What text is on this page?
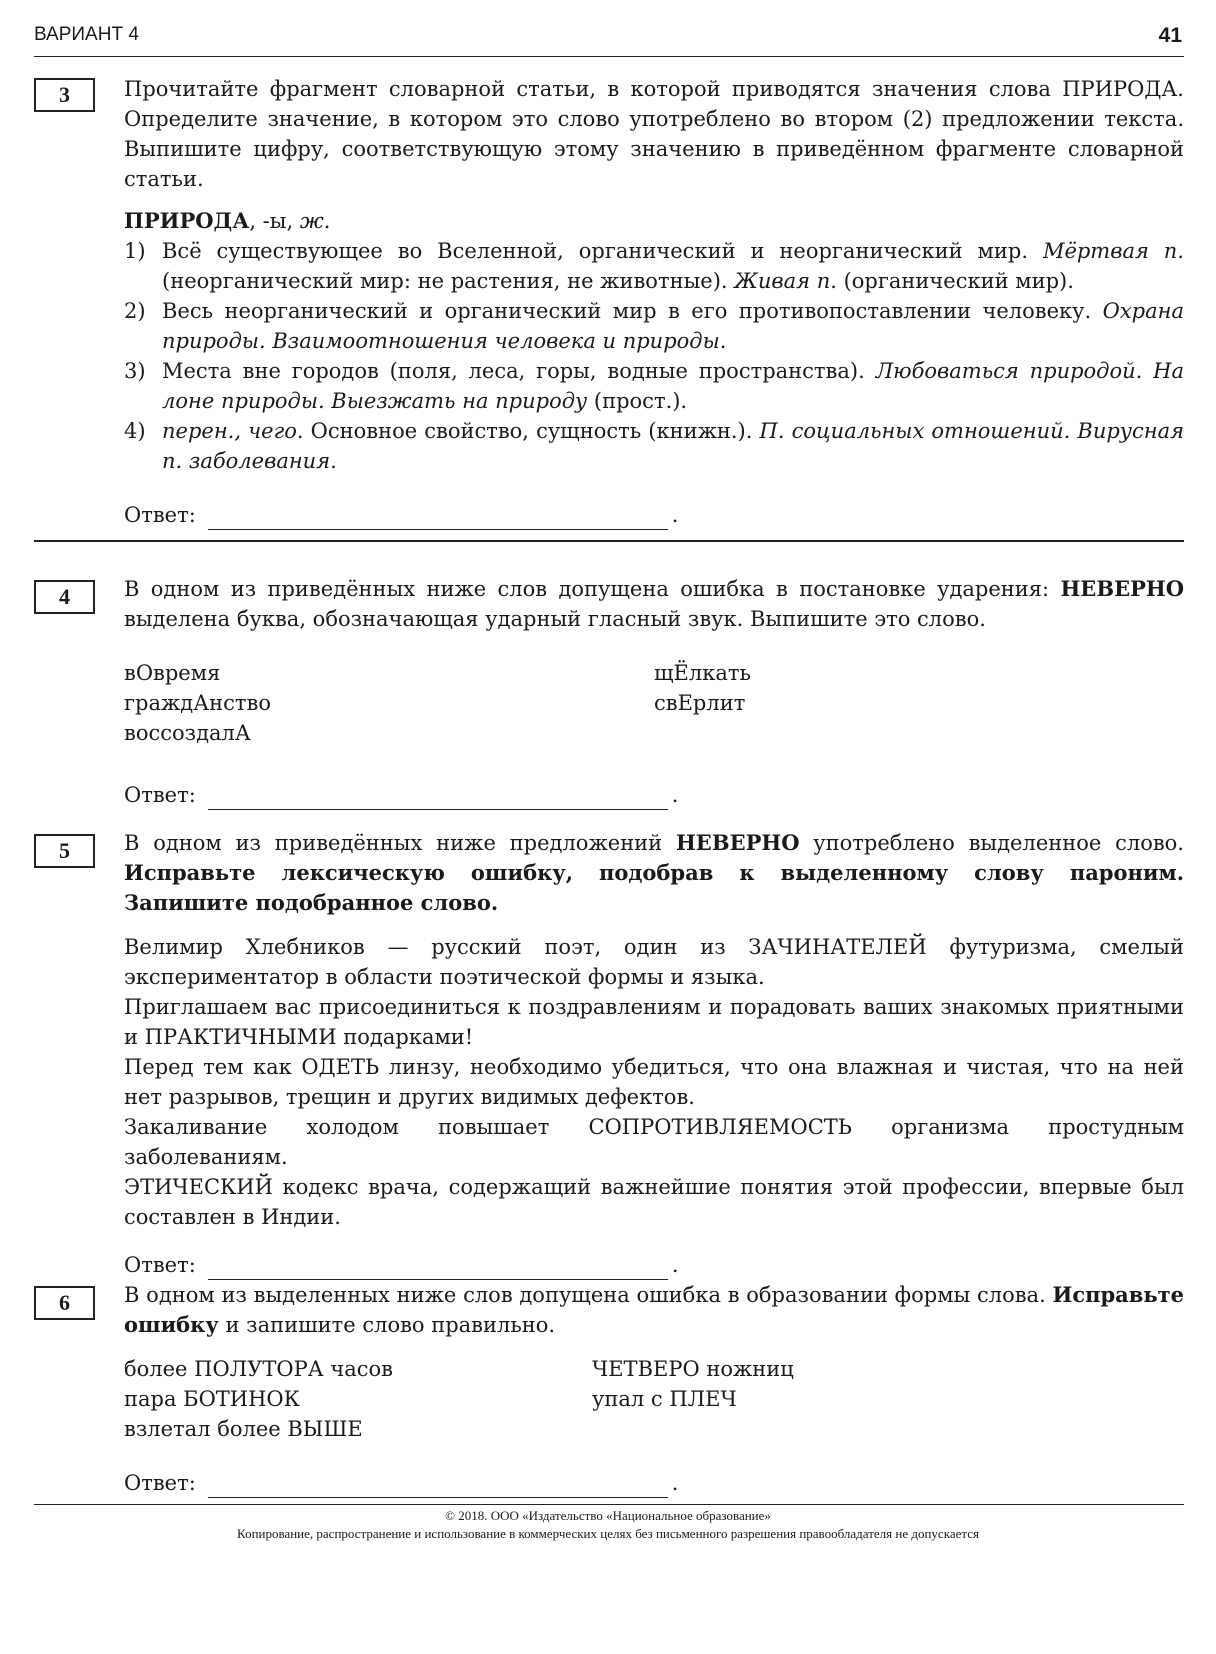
ВАРИАНТ 4	41
3	Прочитайте фрагмент словарной статьи, в которой приводятся значения слова ПРИРОДА. Определите значение, в котором это слово употреблено во втором (2) предложении текста. Выпишите цифру, соответствующую этому значению в приведённом фрагменте словарной статьи.

ПРИРОДА, -ы, ж.

1) Всё существующее во Вселенной, органический и неорганический мир. Мёртвая п. (неорганический мир: не растения, не животные). Живая п. (органический мир).
2) Весь неорганический и органический мир в его противопоставлении человеку. Охрана природы. Взаимоотношения человека и природы.
3) Места вне городов (поля, леса, горы, водные пространства). Любоваться природой. На лоне природы. Выезжать на природу (прост.).
4) перен., чего. Основное свойство, сущность (книжн.). П. социальных отношений. Вирусная п. заболевания.
Ответ:	.
4	В одном из приведённых ниже слов допущена ошибка в постановке ударения: НЕВЕРНО выделена буква, обозначающая ударный гласный звук. Выпишите это слово.

вОвремя
граждАнство
воссоздалА
щЁлкать
свЕрлит
Ответ:	.
5	В одном из приведённых ниже предложений НЕВЕРНО употреблено выделенное слово. Исправьте лексическую ошибку, подобрав к выделенному слову пароним. Запишите подобранное слово.

Велимир Хлебников — русский поэт, один из ЗАЧИНАТЕЛЕЙ футуризма, смелый экспериментатор в области поэтической формы и языка.

Приглашаем вас присоединиться к поздравлениям и порадовать ваших знакомых приятными и ПРАКТИЧНЫМИ подарками!

Перед тем как ОДЕТЬ линзу, необходимо убедиться, что она влажная и чистая, что на ней нет разрывов, трещин и других видимых дефектов.

Закаливание холодом повышает СОПРОТИВЛЯЕМОСТЬ организма простудным заболеваниям.

ЭТИЧЕСКИЙ кодекс врача, содержащий важнейшие понятия этой профессии, впервые был составлен в Индии.

Ответ:	.
6	В одном из выделенных ниже слов допущена ошибка в образовании формы слова. Исправьте ошибку и запишите слово правильно.

более ПОЛУТОРА часов
пара БОТИНОК
взлетал более ВЫШЕ
ЧЕТВЕРО ножниц
упал с ПЛЕЧ
Ответ:	.
© 2018. ООО «Издательство «Национальное образование»
Копирование, распространение и использование в коммерческих целях без письменного разрешения правообладателя не допускается
